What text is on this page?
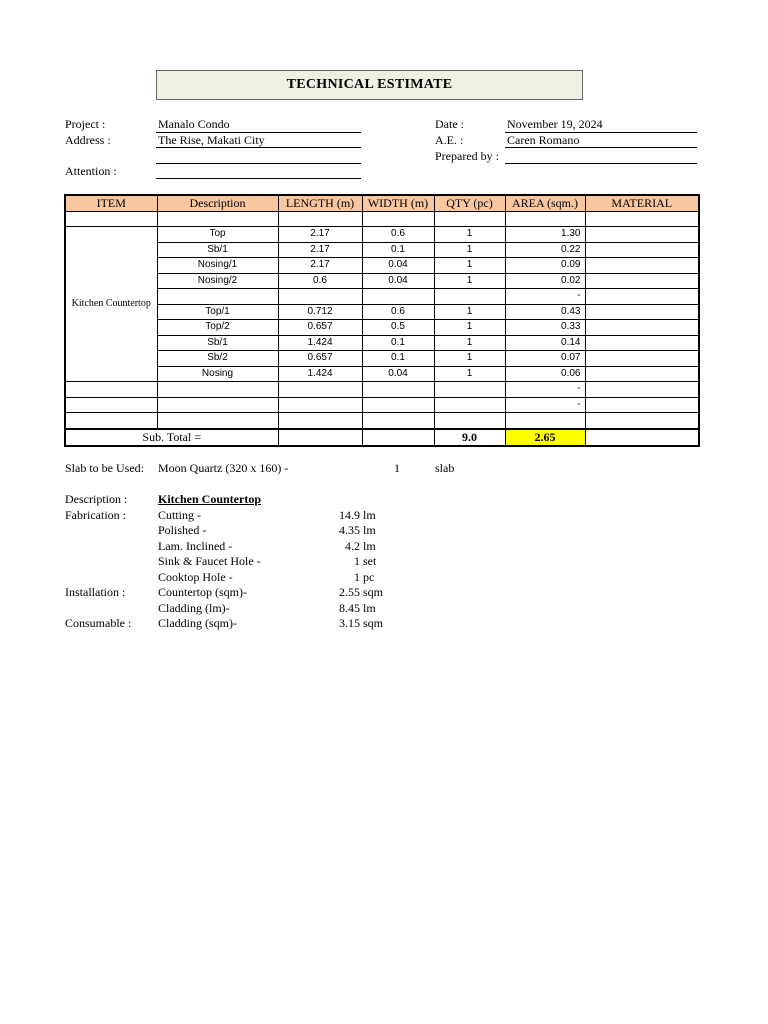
TECHNICAL ESTIMATE
Project :	Manalo Condo
Address :	The Rise, Makati City
Attention :
Date :	November 19, 2024
A.E. :	Caren Romano
Prepared by :
ITEM	Description	LENGTH (m)	WIDTH (m)	QTY (pc)	AREA (sqm.)	MATERIAL

Kitchen Countertop	Top	2.17	0.6	1	1.30	
	Sb/1	2.17	0.1	1	0.22	
	Nosing/1	2.17	0.04	1	0.09	
	Nosing/2	0.6	0.04	1	0.02	
					-	
	Top/1	0.712	0.6	1	0.43	
	Top/2	0.657	0.5	1	0.33	
	Sb/1	1.424	0.1	1	0.14	
	Sb/2	0.657	0.1	1	0.07	
	Nosing	1.424	0.04	1	0.06	
					-	
					-	

Sub. Total =				9.0	2.65	
Slab to be Used: Moon Quartz (320 x 160) -	1	slab
Description :	Kitchen Countertop
Fabrication :	Cutting -	14.9 lm
Polished -	4.35 lm
Lam. Inclined -	4.2 lm
Sink & Faucet Hole -	1 set
Cooktop Hole -	1 pc
Installation :	Countertop (sqm)-	2.55 sqm
Cladding (lm)-	8.45 lm
Consumable : Cladding (sqm)-	3.15 sqm
